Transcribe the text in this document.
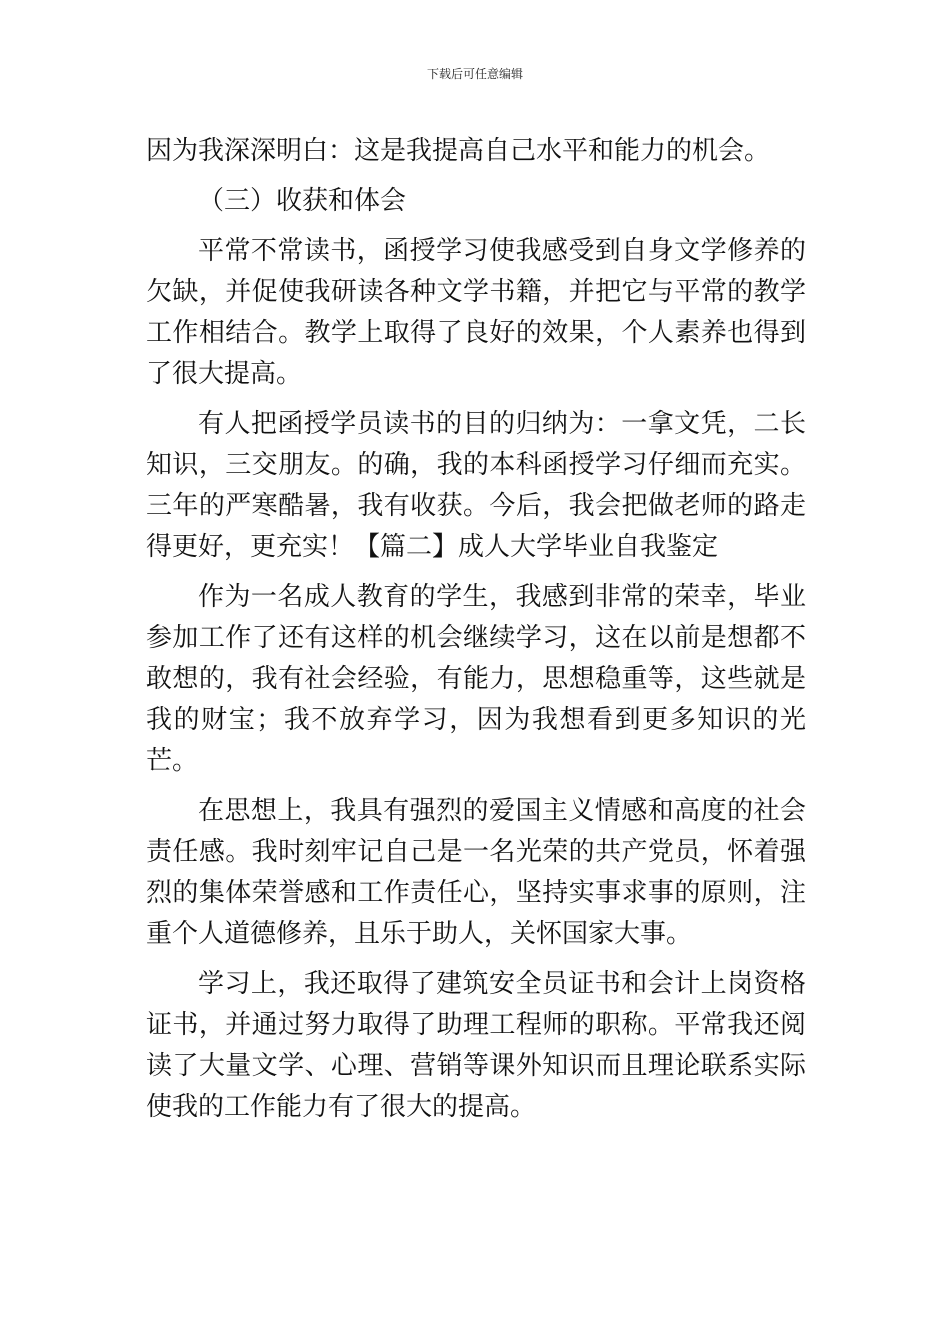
下载后可任意编辑

因为我深深明白：这是我提高自己水平和能力的机会。

（三）收获和体会

平常不常读书，函授学习使我感受到自身文学修养的欠缺，并促使我研读各种文学书籍，并把它与平常的教学工作相结合。教学上取得了良好的效果，个人素养也得到了很大提高。

有人把函授学员读书的目的归纳为：一拿文凭，二长知识，三交朋友。的确，我的本科函授学习仔细而充实。三年的严寒酷暑，我有收获。今后，我会把做老师的路走得更好，更充实！【篇二】成人大学毕业自我鉴定

作为一名成人教育的学生，我感到非常的荣幸，毕业参加工作了还有这样的机会继续学习，这在以前是想都不敢想的，我有社会经验，有能力，思想稳重等，这些就是我的财宝；我不放弃学习，因为我想看到更多知识的光芒。

在思想上，我具有强烈的爱国主义情感和高度的社会责任感。我时刻牢记自己是一名光荣的共产党员，怀着强烈的集体荣誉感和工作责任心，坚持实事求事的原则，注重个人道德修养，且乐于助人，关怀国家大事。

学习上，我还取得了建筑安全员证书和会计上岗资格证书，并通过努力取得了助理工程师的职称。平常我还阅读了大量文学、心理、营销等课外知识而且理论联系实际使我的工作能力有了很大的提高。
